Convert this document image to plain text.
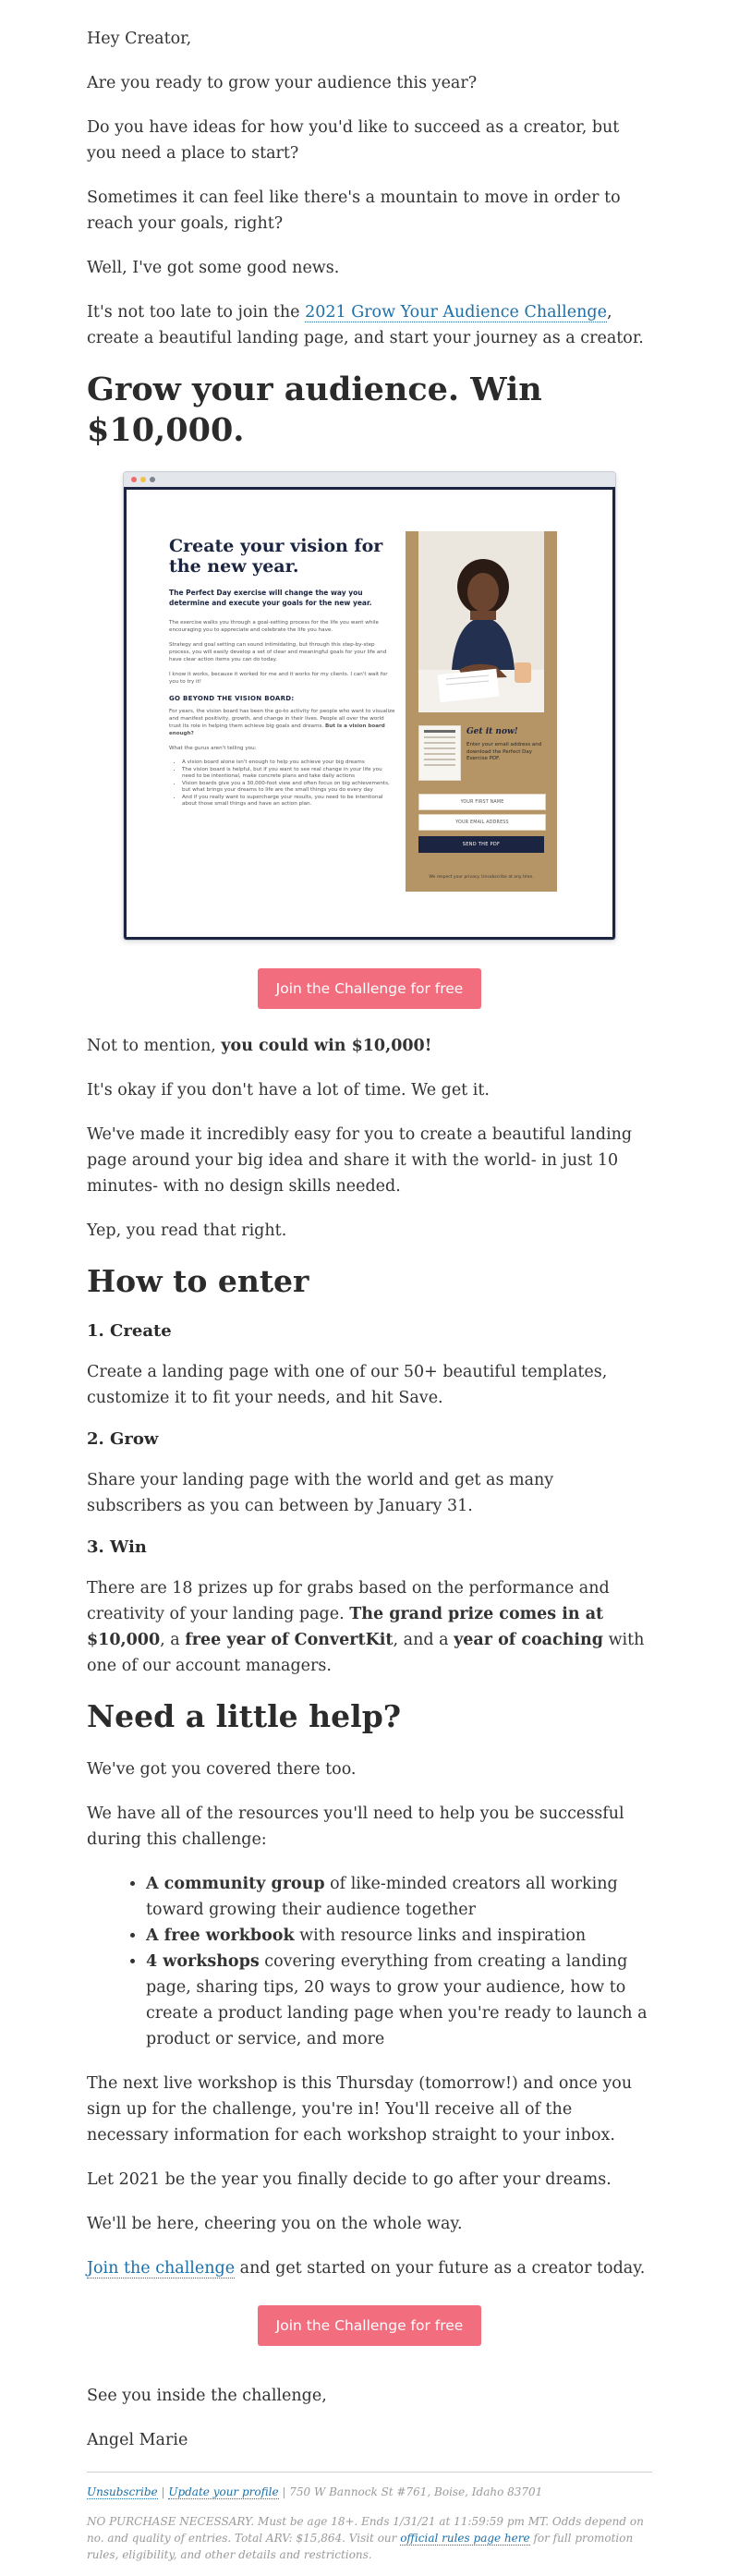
Hey Creator,

Are you ready to grow your audience this year?

Do you have ideas for how you'd like to succeed as a creator, but you need a place to start?

Sometimes it can feel like there's a mountain to move in order to reach your goals, right?

Well, I've got some good news.

It's not too late to join the 2021 Grow Your Audience Challenge, create a beautiful landing page, and start your journey as a creator.

Grow your audience. Win $10,000.
Create your vision for the new year.
The Perfect Day exercise will change the way you determine and execute your goals for the new year.
The exercise walks you through a goal-setting process for the life you want while encouraging you to appreciate and celebrate the life you have.
Strategy and goal setting can sound intimidating, but through this step-by-step process, you will easily develop a set of clear and meaningful goals for your life and have clear action items you can do today.
I know it works, because it worked for me and it works for my clients. I can't wait for you to try it!
GO BEYOND THE VISION BOARD:
For years, the vision board has been the go-to activity for people who want to visualize and manifest positivity, growth, and change in their lives. People all over the world trust its role in helping them achieve big goals and dreams. But is a vision board enough?
What the gurus aren't telling you:
• A vision board alone isn't enough to help you achieve your big dreams
• The vision board is helpful, but if you want to see real change in your life you need to be intentional, make concrete plans and take daily actions
• Vision boards give you a 30,000-foot view and often focus on big achievements, but what brings your dreams to life are the small things you do every day
• And if you really want to supercharge your results, you need to be intentional about those small things and have an action plan.
Get it now!
Enter your email address and download the Perfect Day Exercise PDF.
YOUR FIRST NAME
YOUR EMAIL ADDRESS
SEND THE PDF
We respect your privacy. Unsubscribe at any time.
Join the Challenge for free

Not to mention, you could win $10,000!

It's okay if you don't have a lot of time. We get it.

We've made it incredibly easy for you to create a beautiful landing page around your big idea and share it with the world- in just 10 minutes- with no design skills needed.

Yep, you read that right.

How to enter
1. Create

Create a landing page with one of our 50+ beautiful templates, customize it to fit your needs, and hit Save.

2. Grow

Share your landing page with the world and get as many subscribers as you can between by January 31.

3. Win

There are 18 prizes up for grabs based on the performance and creativity of your landing page. The grand prize comes in at $10,000, a free year of ConvertKit, and a year of coaching with one of our account managers.

Need a little help?

We've got you covered there too.

We have all of the resources you'll need to help you be successful during this challenge:

• A community group of like-minded creators all working toward growing their audience together
• A free workbook with resource links and inspiration
• 4 workshops covering everything from creating a landing page, sharing tips, 20 ways to grow your audience, how to create a product landing page when you're ready to launch a product or service, and more

The next live workshop is this Thursday (tomorrow!) and once you sign up for the challenge, you're in! You'll receive all of the necessary information for each workshop straight to your inbox.

Let 2021 be the year you finally decide to go after your dreams.

We'll be here, cheering you on the whole way.

Join the challenge and get started on your future as a creator today.

Join the Challenge for free

See you inside the challenge,

Angel Marie

Unsubscribe | Update your profile | 750 W Bannock St #761, Boise, Idaho 83701
NO PURCHASE NECESSARY. Must be age 18+. Ends 1/31/21 at 11:59:59 pm MT. Odds depend on no. and quality of entries. Total ARV: $15,864. Visit our official rules page here for full promotion rules, eligibility, and other details and restrictions.
